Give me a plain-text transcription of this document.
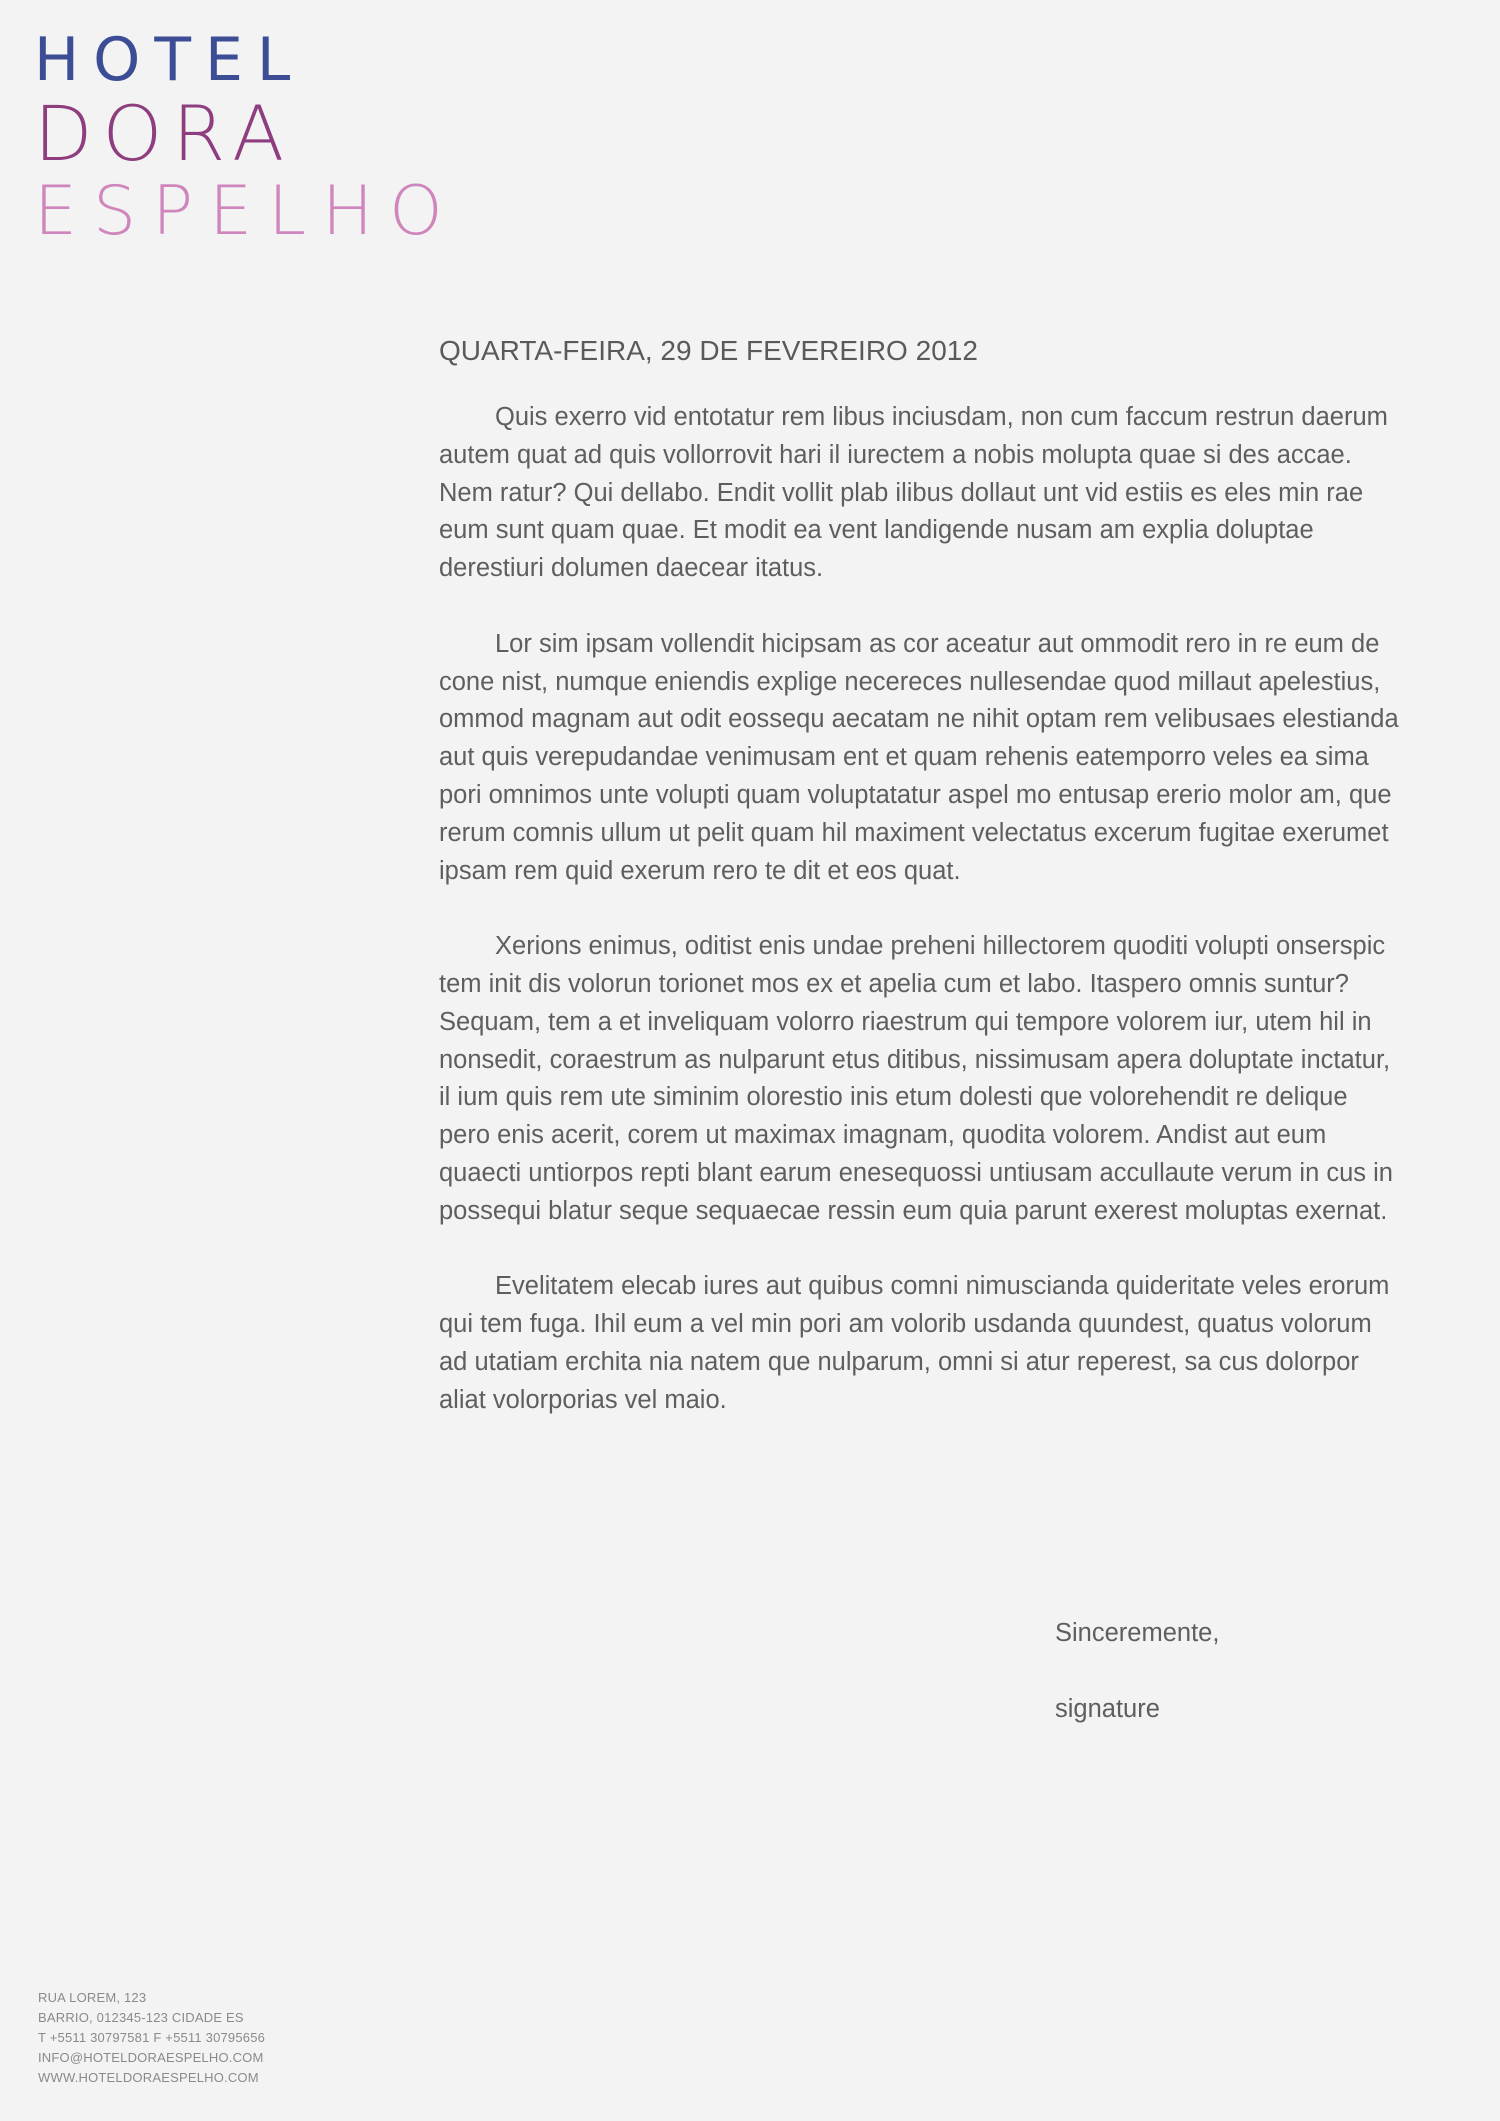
HOTEL
DORA
ESPELHO
QUARTA-FEIRA, 29 DE FEVEREIRO 2012

Quis exerro vid entotatur rem libus inciusdam, non cum faccum restrun daerum autem quat ad quis vollorrovit hari il iurectem a nobis molupta quae si des accae. Nem ratur? Qui dellabo. Endit vollit plab ilibus dollaut unt vid estiis es eles min rae eum sunt quam quae. Et modit ea vent landigende nusam am explia doluptae derestiuri dolumen daecear itatus.

Lor sim ipsam vollendit hicipsam as cor aceatur aut ommodit rero in re eum de cone nist, numque eniendis explige necereces nullesendae quod millaut apelestius, ommod magnam aut odit eossequ aecatam ne nihit optam rem velibusaes elestianda aut quis verepudandae venimusam ent et quam rehenis eatemporro veles ea sima pori omnimos unte volupti quam voluptatatur aspel mo entusap ererio molor am, que rerum comnis ullum ut pelit quam hil maximent velectatus excerum fugitae exerumet ipsam rem quid exerum rero te dit et eos quat.

Xerions enimus, oditist enis undae preheni hillectorem quoditi volupti onserspic tem init dis volorun torionet mos ex et apelia cum et labo. Itaspero omnis suntur?

Sequam, tem a et inveliquam volorro riaestrum qui tempore volorem iur, utem hil in nonsedit, coraestrum as nulparunt etus ditibus, nissimusam apera doluptate inctatur, il ium quis rem ute siminim olorestio inis etum dolesti que volorehendit re delique pero enis acerit, corem ut maximax imagnam, quodita volorem. Andist aut eum quaecti untiorpos repti blant earum enesequossi untiusam accullaute verum in cus in possequi blatur seque sequaecae ressin eum quia parunt exerest moluptas exernat.

Evelitatem elecab iures aut quibus comni nimuscianda quideritate veles erorum qui tem fuga. Ihil eum a vel min pori am volorib usdanda quundest, quatus volorum ad utatiam erchita nia natem que nulparum, omni si atur reperest, sa cus dolorpor aliat volorporias vel maio.

Sinceremente,
signature
RUA LOREM, 123
BARRIO, 012345-123 CIDADE ES
T +5511 30797581 F +5511 30795656
INFO@HOTELDORAESPELHO.COM
WWW.HOTELDORAESPELHO.COM
